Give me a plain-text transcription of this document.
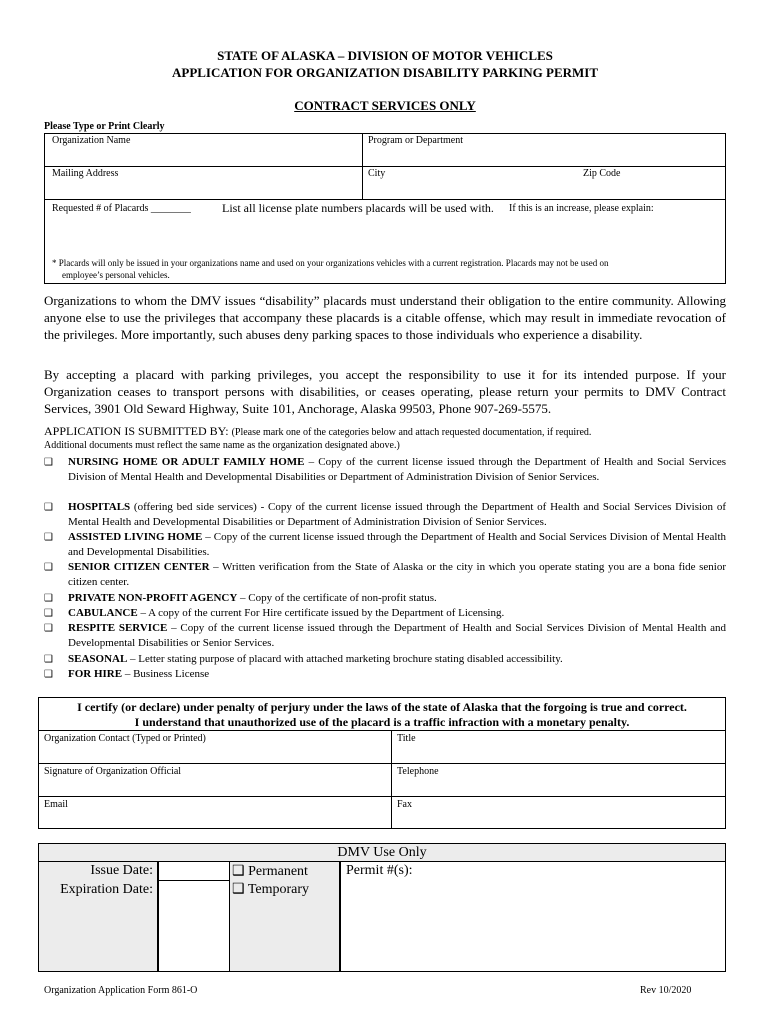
STATE OF ALASKA – DIVISION OF MOTOR VEHICLES
APPLICATION FOR ORGANIZATION DISABILITY PARKING PERMIT
CONTRACT SERVICES ONLY
Please Type or Print Clearly
Organization Name	Program or Department
Mailing Address	City	Zip Code
Requested # of Placards ________	List all license plate numbers placards will be used with. If this is an increase, please explain:
* Placards will only be issued in your organizations name and used on your organizations vehicles with a current registration. Placards may not be used on
employee’s personal vehicles.
Organizations to whom the DMV issues “disability” placards must understand their obligation to the entire community. Allowing anyone else to use the privileges that accompany these placards is a citable offense, which may result in immediate revocation of the privileges. More importantly, such abuses deny parking spaces to those individuals who experience a disability.
By accepting a placard with parking privileges, you accept the responsibility to use it for its intended purpose. If your Organization ceases to transport persons with disabilities, or ceases operating, please return your permits to DMV Contract Services, 3901 Old Seward Highway, Suite 101, Anchorage, Alaska 99503, Phone 907-269-5575.
APPLICATION IS SUBMITTED BY: (Please mark one of the categories below and attach requested documentation, if required.
Additional documents must reflect the same name as the organization designated above.)
❑ NURSING HOME OR ADULT FAMILY HOME – Copy of the current license issued through the Department of Health and Social Services Division of Mental Health and Developmental Disabilities or Department of Administration Division of Senior Services.
❑ HOSPITALS (offering bed side services) - Copy of the current license issued through the Department of Health and Social Services Division of Mental Health and Developmental Disabilities or Department of Administration Division of Senior Services.
❑ ASSISTED LIVING HOME – Copy of the current license issued through the Department of Health and Social Services Division of Mental Health and Developmental Disabilities.
❑ SENIOR CITIZEN CENTER – Written verification from the State of Alaska or the city in which you operate stating you are a bona fide senior citizen center.
❑ PRIVATE NON-PROFIT AGENCY – Copy of the certificate of non-profit status.
❑ CABULANCE – A copy of the current For Hire certificate issued by the Department of Licensing.
❑ RESPITE SERVICE – Copy of the current license issued through the Department of Health and Social Services Division of Mental Health and Developmental Disabilities or Senior Services.
❑ SEASONAL – Letter stating purpose of placard with attached marketing brochure stating disabled accessibility.
❑ FOR HIRE – Business License
I certify (or declare) under penalty of perjury under the laws of the state of Alaska that the forgoing is true and correct.
I understand that unauthorized use of the placard is a traffic infraction with a monetary penalty.
Organization Contact (Typed or Printed)	Title
Signature of Organization Official	Telephone
Email	Fax
DMV Use Only
Issue Date:
Expiration Date:
❑ Permanent
❑ Temporary
Permit #(s):
Organization Application Form 861-O	Rev 10/2020
